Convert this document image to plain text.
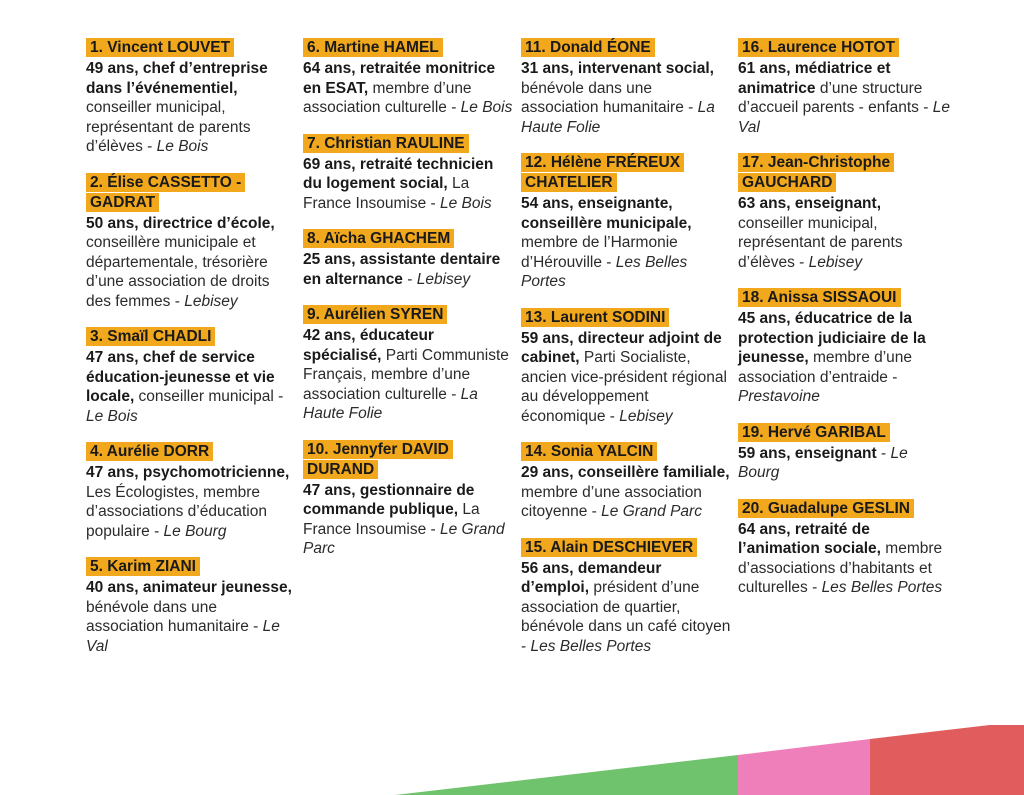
1. Vincent LOUVET
49 ans, chef d’entreprise dans l’événementiel, conseiller municipal, représentant de parents d’élèves - Le Bois
2. Élise CASSETTO - GADRAT
50 ans, directrice d’école, conseillère municipale et départementale, trésorière d’une association de droits des femmes - Lebisey
3. Smaïl CHADLI
47 ans, chef de service éducation-jeunesse et vie locale, conseiller municipal - Le Bois
4. Aurélie DORR
47 ans, psychomotricienne, Les Écologistes, membre d’associations d’éducation populaire - Le Bourg
5. Karim ZIANI
40 ans, animateur jeunesse, bénévole dans une association humanitaire - Le Val
6. Martine HAMEL
64 ans, retraitée monitrice en ESAT, membre d’une association culturelle - Le Bois
7. Christian RAULINE
69 ans, retraité technicien du logement social, La France Insoumise - Le Bois
8. Aïcha GHACHEM
25 ans, assistante dentaire en alternance - Lebisey
9. Aurélien SYREN
42 ans, éducateur spécialisé, Parti Communiste Français, membre d’une association culturelle - La Haute Folie
10. Jennyfer DAVID DURAND
47 ans, gestionnaire de commande publique, La France Insoumise - Le Grand Parc
11. Donald ÉONE
31 ans, intervenant social, bénévole dans une association humanitaire - La Haute Folie
12. Hélène FRÉREUX CHATELIER
54 ans, enseignante, conseillère municipale, membre de l’Harmonie d’Hérouville - Les Belles Portes
13. Laurent SODINI
59 ans, directeur adjoint de cabinet, Parti Socialiste, ancien vice-président régional au développement économique - Lebisey
14. Sonia YALCIN
29 ans, conseillère familiale, membre d’une association citoyenne - Le Grand Parc
15. Alain DESCHIEVER
56 ans, demandeur d’emploi, président d’une association de quartier, bénévole dans un café citoyen - Les Belles Portes
16. Laurence HOTOT
61 ans, médiatrice et animatrice d’une structure d’accueil parents - enfants - Le Val
17. Jean-Christophe GAUCHARD
63 ans, enseignant, conseiller municipal, représentant de parents d’élèves - Lebisey
18. Anissa SISSAOUI
45 ans, éducatrice de la protection judiciaire de la jeunesse, membre d’une association d’entraide - Prestavoine
19. Hervé GARIBAL
59 ans, enseignant - Le Bourg
20. Guadalupe GESLIN
64 ans, retraité de l’animation sociale, membre d’associations d’habitants et culturelles - Les Belles Portes
